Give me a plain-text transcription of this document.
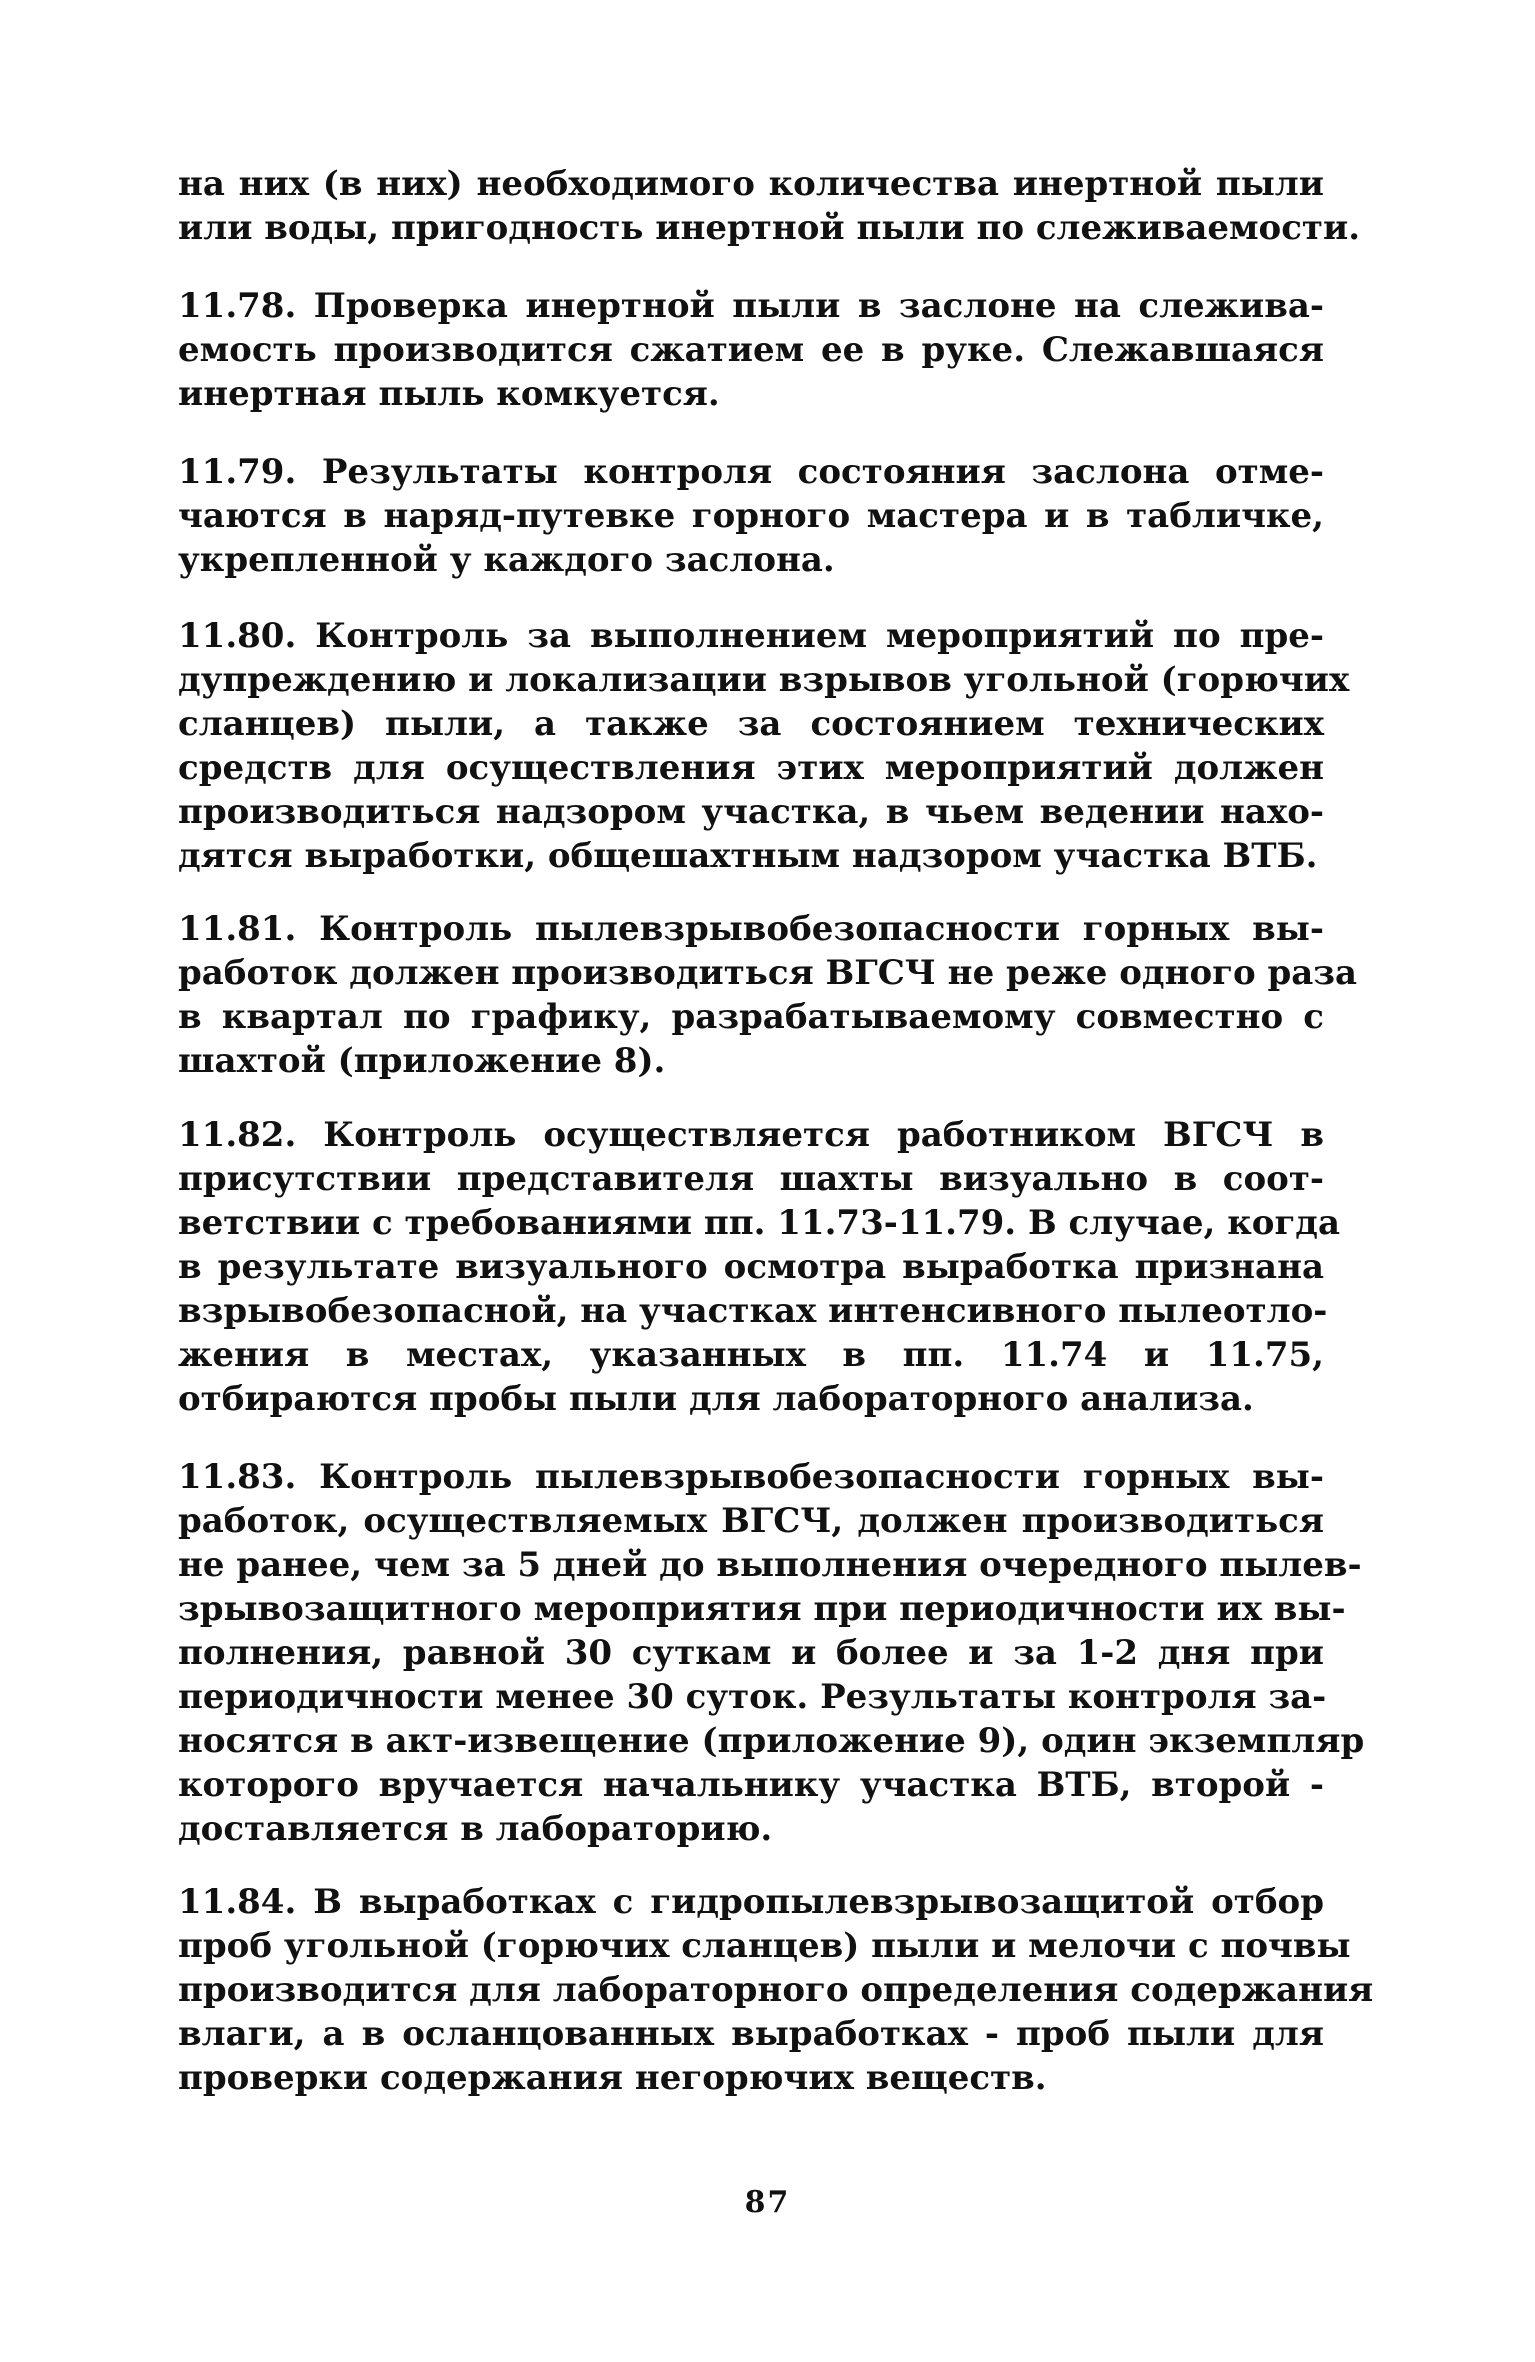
на них (в них) необходимого количества инертной пыли
или воды, пригодность инертной пыли по слеживаемости.
11.78. Проверка инертной пыли в заслоне на слежива-
емость производится сжатием ее в руке. Слежавшаяся
инертная пыль комкуется.
11.79. Результаты контроля состояния заслона отме-
чаются в наряд-путевке горного мастера и в табличке,
укрепленной у каждого заслона.
11.80. Контроль за выполнением мероприятий по пре-
дупреждению и локализации взрывов угольной (горючих
сланцев) пыли, а также за состоянием технических
средств для осуществления этих мероприятий должен
производиться надзором участка, в чьем ведении нахо-
дятся выработки, общешахтным надзором участка ВТБ.
11.81. Контроль пылевзрывобезопасности горных вы-
работок должен производиться ВГСЧ не реже одного раза
в квартал по графику, разрабатываемому совместно с
шахтой (приложение 8).
11.82. Контроль осуществляется работником ВГСЧ в
присутствии представителя шахты визуально в соот-
ветствии с требованиями пп. 11.73-11.79. В случае, когда
в результате визуального осмотра выработка признана
взрывобезопасной, на участках интенсивного пылеотло-
жения в местах, указанных в пп. 11.74 и 11.75,
отбираются пробы пыли для лабораторного анализа.
11.83. Контроль пылевзрывобезопасности горных вы-
работок, осуществляемых ВГСЧ, должен производиться
не ранее, чем за 5 дней до выполнения очередного пылев-
зрывозащитного мероприятия при периодичности их вы-
полнения, равной 30 суткам и более и за 1-2 дня при
периодичности менее 30 суток. Результаты контроля за-
носятся в акт-извещение (приложение 9), один экземпляр
которого вручается начальнику участка ВТБ, второй -
доставляется в лабораторию.
11.84. В выработках с гидропылевзрывозащитой отбор
проб угольной (горючих сланцев) пыли и мелочи с почвы
производится для лабораторного определения содержания
влаги, а в осланцованных выработках - проб пыли для
проверки содержания негорючих веществ.
87
